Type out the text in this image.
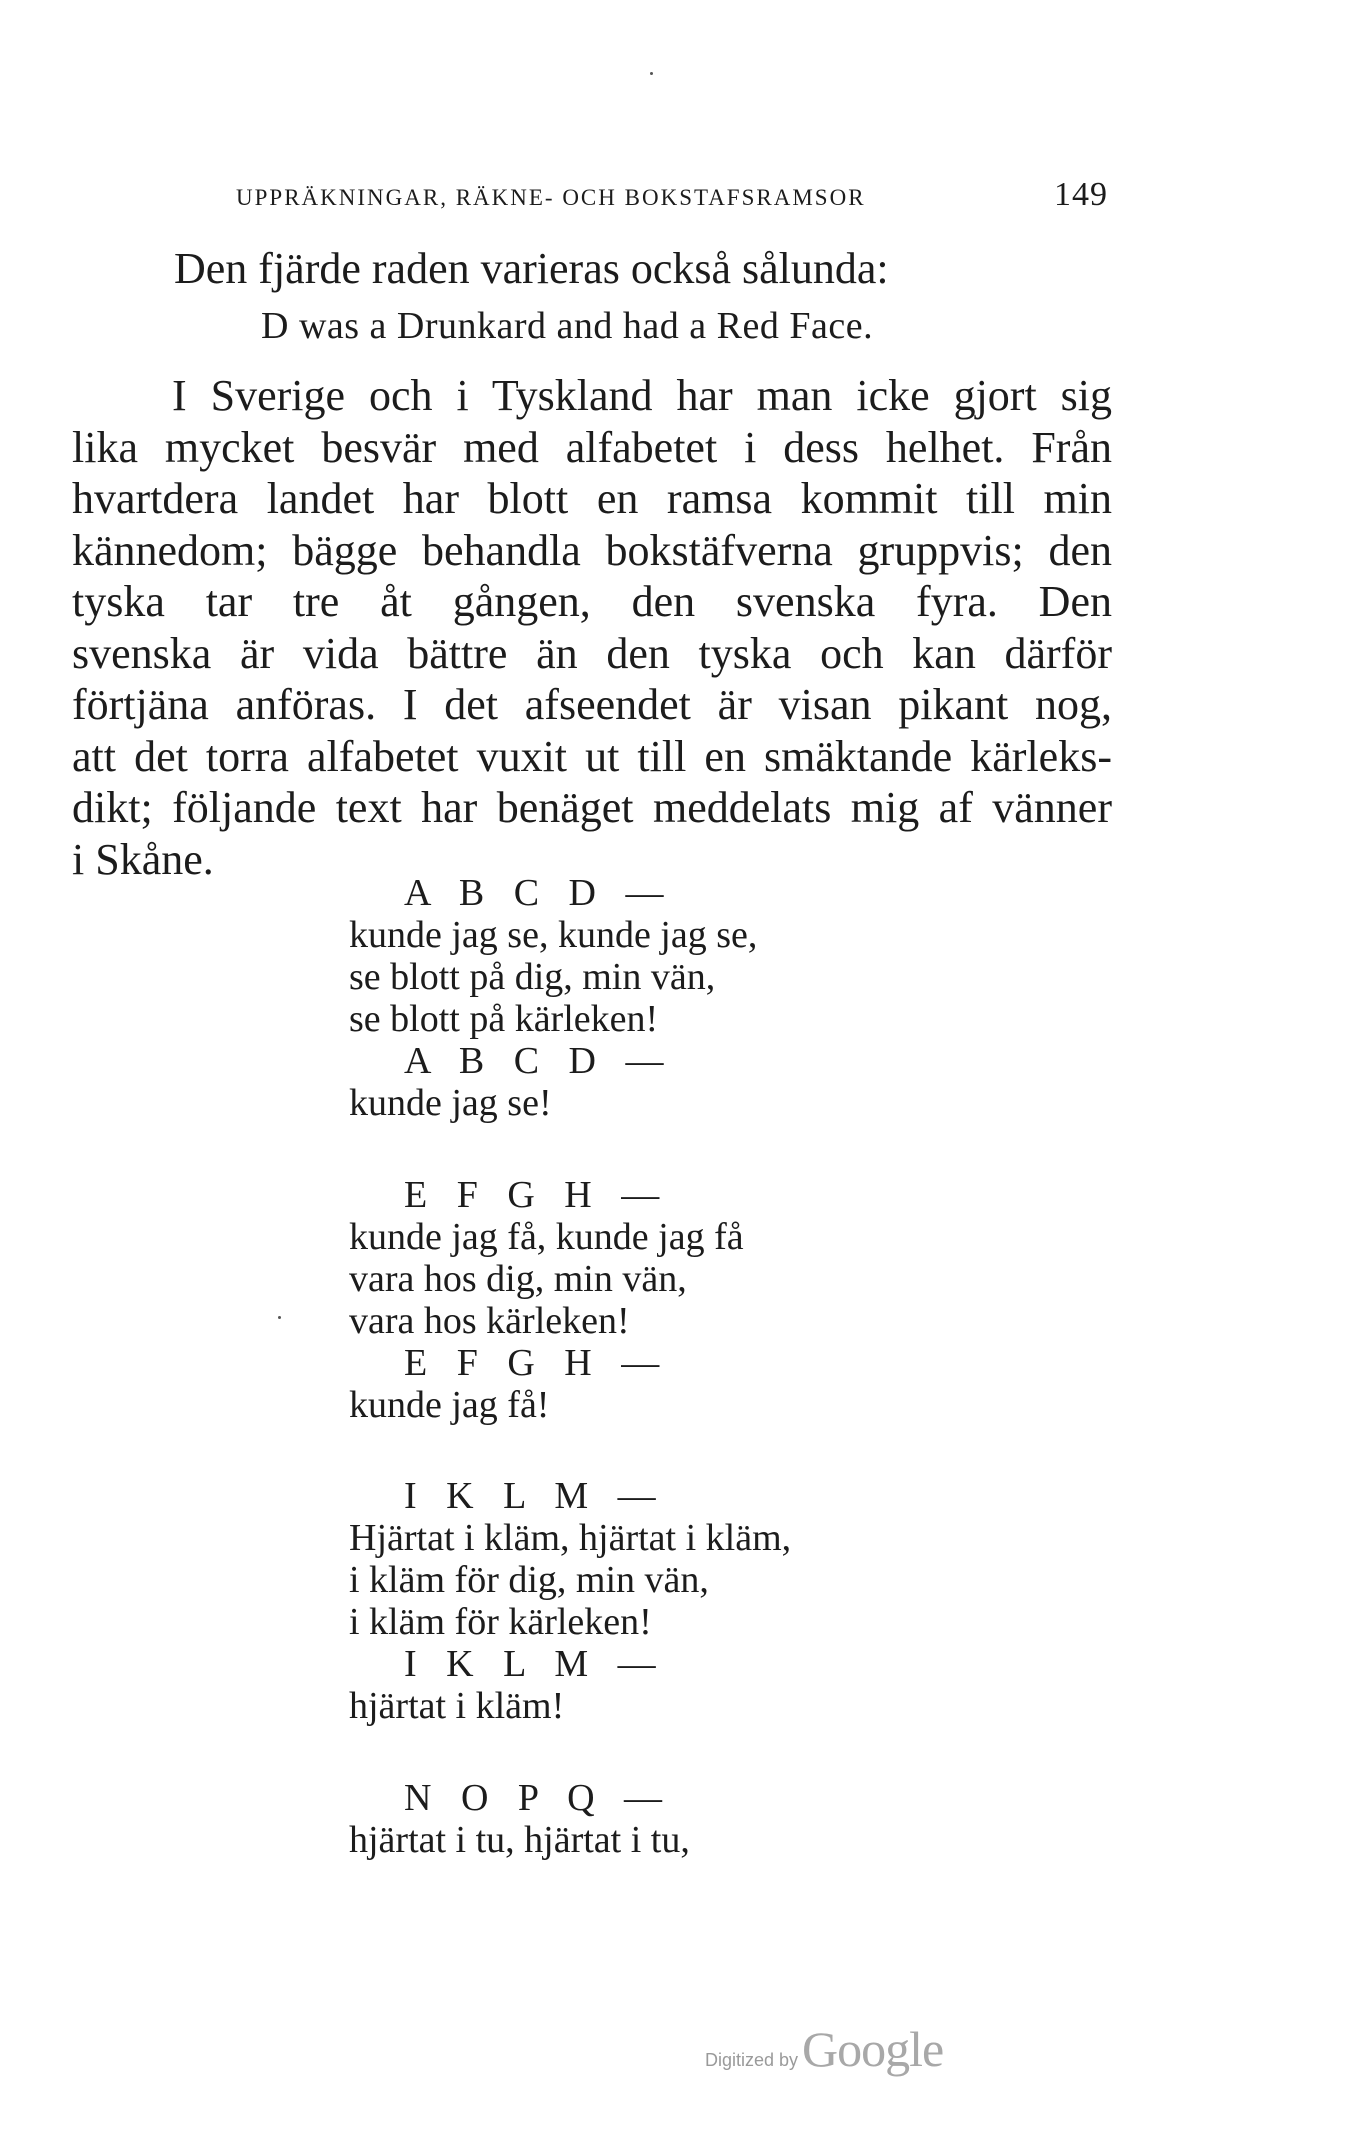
UPPRÄKNINGAR, RÄKNE- OCH BOKSTAFSRAMSOR	149
Den fjärde raden varieras också sålunda:
D was a Drunkard and had a Red Face.
I Sverige och i Tyskland har man icke gjort sig
lika mycket besvär med alfabetet i dess helhet. Från
hvartdera landet har blott en ramsa kommit till min
kännedom; bägge behandla bokstäfverna gruppvis; den
tyska tar tre åt gången, den svenska fyra. Den
svenska är vida bättre än den tyska och kan därför
förtjäna anföras. I det afseendet är visan pikant nog,
att det torra alfabetet vuxit ut till en smäktande kärleks-
dikt; följande text har benäget meddelats mig af vänner
i Skåne.
A B C D —
kunde jag se, kunde jag se,
se blott på dig, min vän,
se blott på kärleken!
A B C D —
kunde jag se!
E F G H —
kunde jag få, kunde jag få
vara hos dig, min vän,
vara hos kärleken!
E F G H —
kunde jag få!
I K L M —
Hjärtat i kläm, hjärtat i kläm,
i kläm för dig, min vän,
i kläm för kärleken!
I K L M —
hjärtat i kläm!
N O P Q —
hjärtat i tu, hjärtat i tu,
Digitized by Google
